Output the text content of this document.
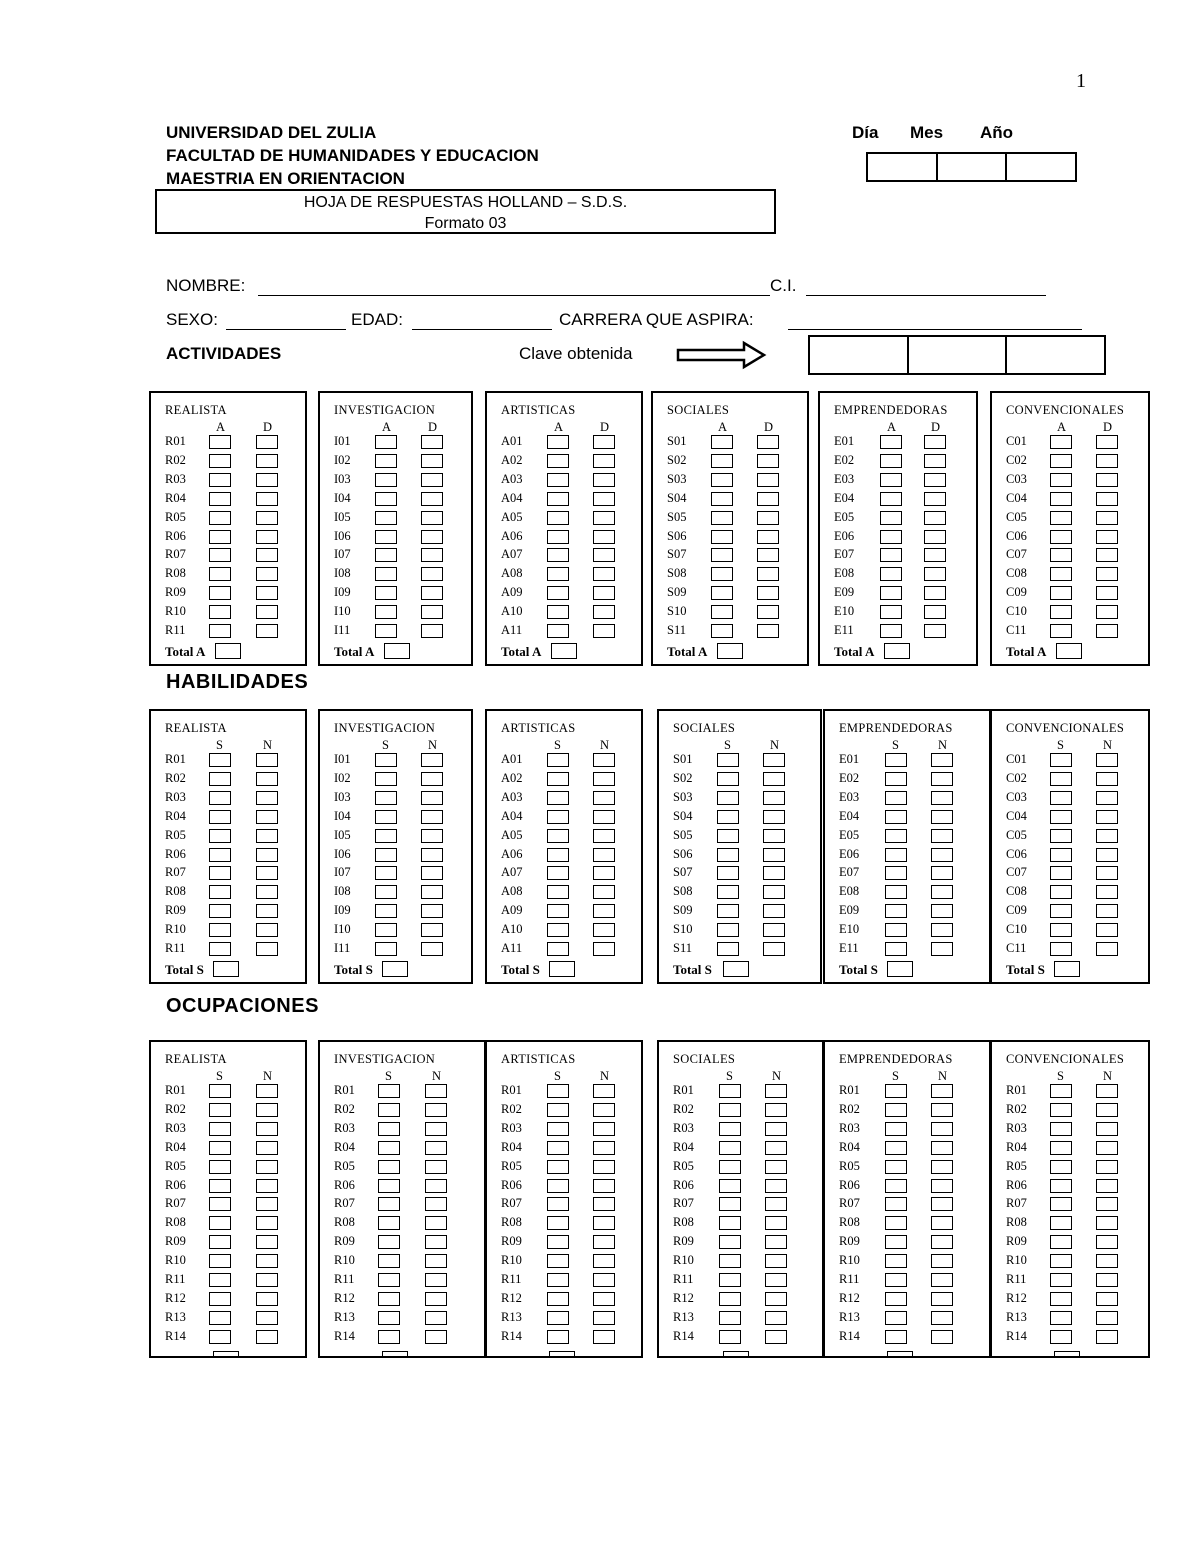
1
UNIVERSIDAD DEL ZULIA
FACULTAD DE HUMANIDADES Y EDUCACION
MAESTRIA EN ORIENTACION
HOJA DE RESPUESTAS HOLLAND – S.D.S.
Formato 03
Día Mes Año
NOMBRE:	C.I.
SEXO:	EDAD:	CARRERA QUE ASPIRA:
ACTIVIDADES	Clave obtenida
REALISTA
A	D
R01
R02
R03
R04
R05
R06
R07
R08
R09
R10
R11
Total A
INVESTIGACION
A	D
I01
I02
I03
I04
I05
I06
I07
I08
I09
I10
I11
Total A
ARTISTICAS
A	D
A01
A02
A03
A04
A05
A06
A07
A08
A09
A10
A11
Total A
SOCIALES
A	D
S01
S02
S03
S04
S05
S06
S07
S08
S09
S10
S11
Total A
EMPRENDEDORAS
A	D
E01
E02
E03
E04
E05
E06
E07
E08
E09
E10
E11
Total A
CONVENCIONALES
A	D
C01
C02
C03
C04
C05
C06
C07
C08
C09
C10
C11
Total A
HABILIDADES
REALISTA
S	N
R01
R02
R03
R04
R05
R06
R07
R08
R09
R10
R11
Total S
INVESTIGACION
S	N
I01
I02
I03
I04
I05
I06
I07
I08
I09
I10
I11
Total S
ARTISTICAS
S	N
A01
A02
A03
A04
A05
A06
A07
A08
A09
A10
A11
Total S
SOCIALES
S	N
S01
S02
S03
S04
S05
S06
S07
S08
S09
S10
S11
Total S
EMPRENDEDORAS
S	N
E01
E02
E03
E04
E05
E06
E07
E08
E09
E10
E11
Total S
CONVENCIONALES
S	N
C01
C02
C03
C04
C05
C06
C07
C08
C09
C10
C11
Total S
OCUPACIONES
REALISTA
S	N
R01
R02
R03
R04
R05
R06
R07
R08
R09
R10
R11
R12
R13
R14
INVESTIGACION
S	N
R01
R02
R03
R04
R05
R06
R07
R08
R09
R10
R11
R12
R13
R14
ARTISTICAS
S	N
R01
R02
R03
R04
R05
R06
R07
R08
R09
R10
R11
R12
R13
R14
SOCIALES
S	N
R01
R02
R03
R04
R05
R06
R07
R08
R09
R10
R11
R12
R13
R14
EMPRENDEDORAS
S	N
R01
R02
R03
R04
R05
R06
R07
R08
R09
R10
R11
R12
R13
R14
CONVENCIONALES
S	N
R01
R02
R03
R04
R05
R06
R07
R08
R09
R10
R11
R12
R13
R14
